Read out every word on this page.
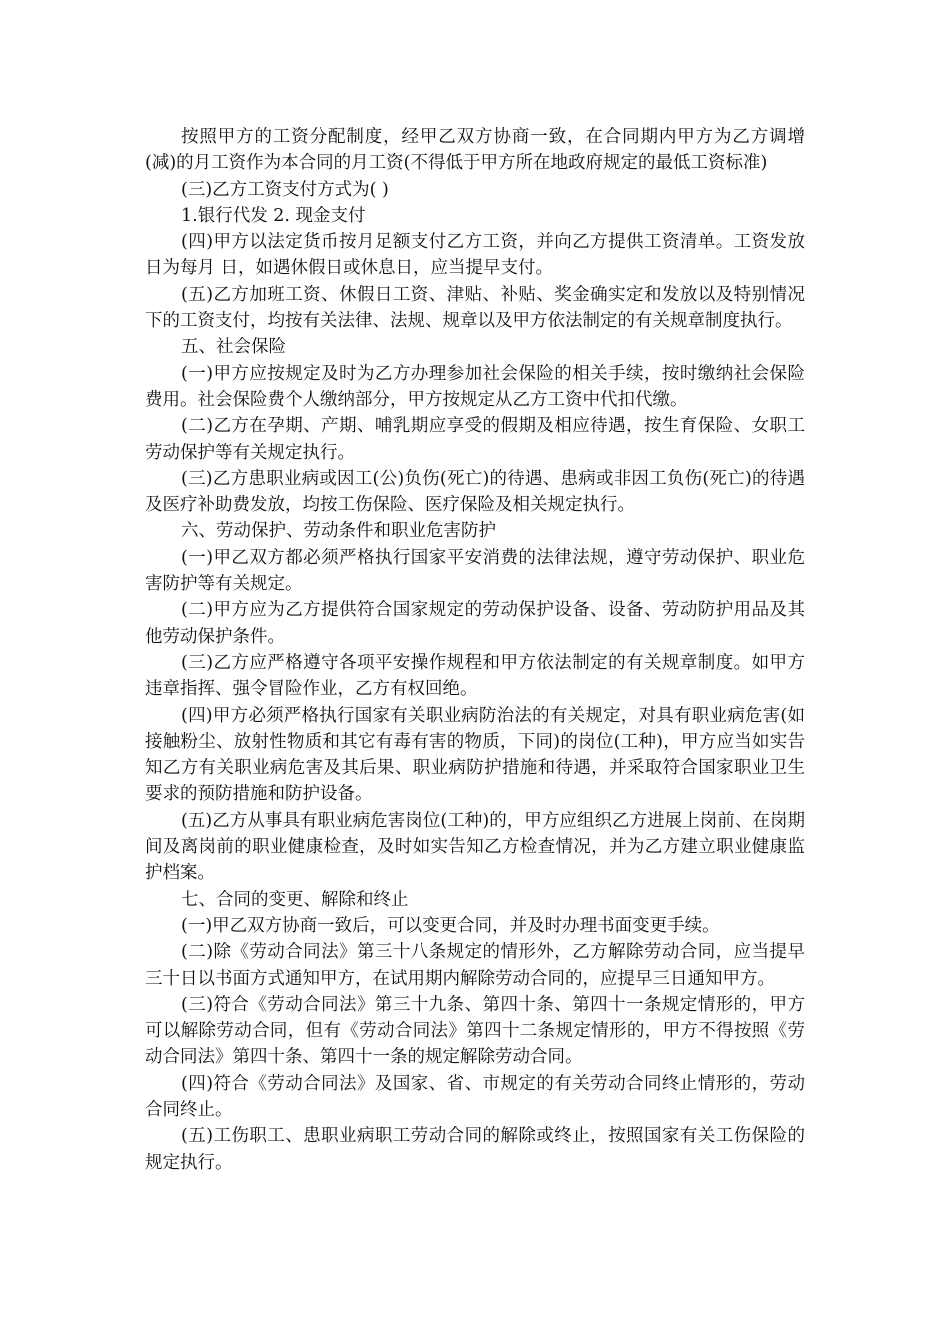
按照甲方的工资分配制度，经甲乙双方协商一致，在合同期内甲方为乙方调增(减)的月工资作为本合同的月工资(不得低于甲方所在地政府规定的最低工资标准)

(三)乙方工资支付方式为( )

1.银行代发 2. 现金支付

(四)甲方以法定货币按月足额支付乙方工资，并向乙方提供工资清单。工资发放日为每月 日，如遇休假日或休息日，应当提早支付。

(五)乙方加班工资、休假日工资、津贴、补贴、奖金确实定和发放以及特别情况下的工资支付，均按有关法律、法规、规章以及甲方依法制定的有关规章制度执行。

五、社会保险

(一)甲方应按规定及时为乙方办理参加社会保险的相关手续，按时缴纳社会保险费用。社会保险费个人缴纳部分，甲方按规定从乙方工资中代扣代缴。

(二)乙方在孕期、产期、哺乳期应享受的假期及相应待遇，按生育保险、女职工劳动保护等有关规定执行。

(三)乙方患职业病或因工(公)负伤(死亡)的待遇、患病或非因工负伤(死亡)的待遇及医疗补助费发放，均按工伤保险、医疗保险及相关规定执行。

六、劳动保护、劳动条件和职业危害防护

(一)甲乙双方都必须严格执行国家平安消费的法律法规，遵守劳动保护、职业危害防护等有关规定。

(二)甲方应为乙方提供符合国家规定的劳动保护设备、设备、劳动防护用品及其他劳动保护条件。

(三)乙方应严格遵守各项平安操作规程和甲方依法制定的有关规章制度。如甲方违章指挥、强令冒险作业，乙方有权回绝。

(四)甲方必须严格执行国家有关职业病防治法的有关规定，对具有职业病危害(如接触粉尘、放射性物质和其它有毒有害的物质，下同)的岗位(工种)，甲方应当如实告知乙方有关职业病危害及其后果、职业病防护措施和待遇，并采取符合国家职业卫生要求的预防措施和防护设备。

(五)乙方从事具有职业病危害岗位(工种)的，甲方应组织乙方进展上岗前、在岗期间及离岗前的职业健康检查，及时如实告知乙方检查情况，并为乙方建立职业健康监护档案。

七、合同的变更、解除和终止

(一)甲乙双方协商一致后，可以变更合同，并及时办理书面变更手续。

(二)除《劳动合同法》第三十八条规定的情形外，乙方解除劳动合同，应当提早三十日以书面方式通知甲方，在试用期内解除劳动合同的，应提早三日通知甲方。

(三)符合《劳动合同法》第三十九条、第四十条、第四十一条规定情形的，甲方可以解除劳动合同，但有《劳动合同法》第四十二条规定情形的，甲方不得按照《劳动合同法》第四十条、第四十一条的规定解除劳动合同。

(四)符合《劳动合同法》及国家、省、市规定的有关劳动合同终止情形的，劳动合同终止。

(五)工伤职工、患职业病职工劳动合同的解除或终止，按照国家有关工伤保险的规定执行。
